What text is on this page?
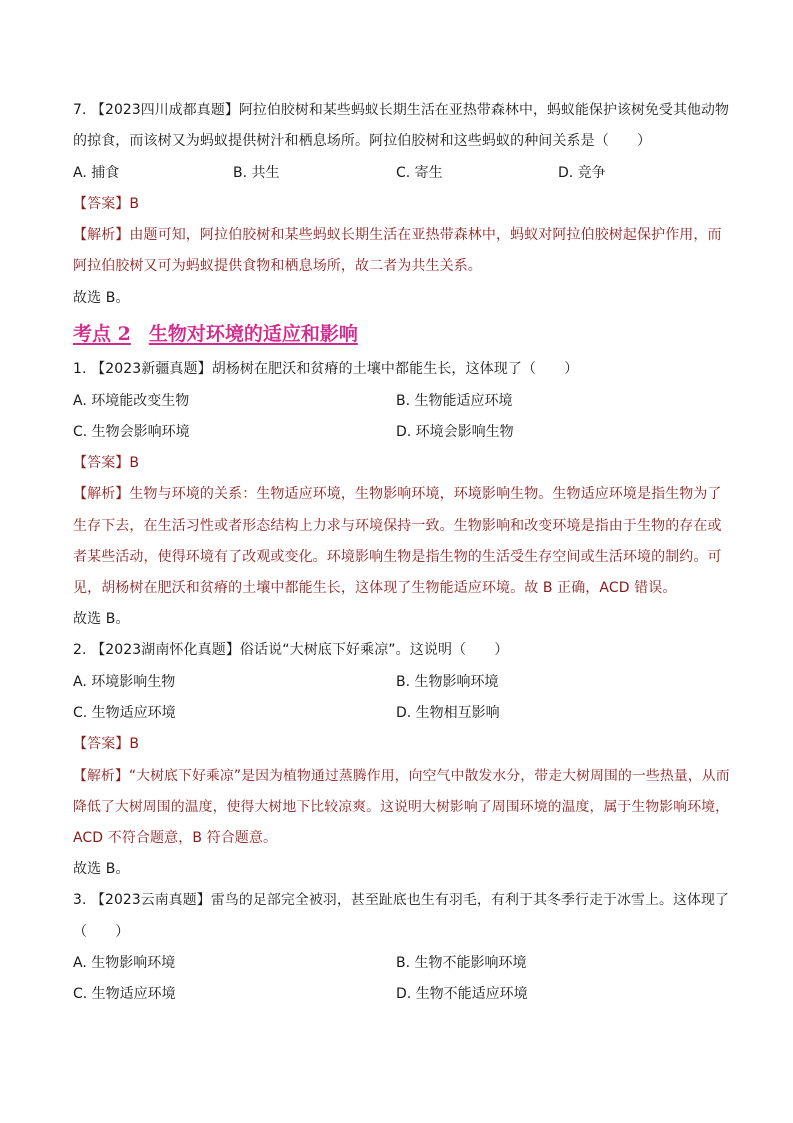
7. 【2023四川成都真题】阿拉伯胶树和某些蚂蚁长期生活在亚热带森林中，蚂蚁能保护该树免受其他动物
的掠食，而该树又为蚂蚁提供树汁和栖息场所。阿拉伯胶树和这些蚂蚁的种间关系是（　　）
A. 捕食	B. 共生	C. 寄生	D. 竞争
【答案】B
【解析】由题可知，阿拉伯胶树和某些蚂蚁长期生活在亚热带森林中，蚂蚁对阿拉伯胶树起保护作用，而
阿拉伯胶树又可为蚂蚁提供食物和栖息场所，故二者为共生关系。
故选 B。
考点 2 生物对环境的适应和影响
1. 【2023新疆真题】胡杨树在肥沃和贫瘠的土壤中都能生长，这体现了（　　）
A. 环境能改变生物	B. 生物能适应环境
C. 生物会影响环境	D. 环境会影响生物
【答案】B
【解析】生物与环境的关系：生物适应环境，生物影响环境，环境影响生物。生物适应环境是指生物为了
生存下去，在生活习性或者形态结构上力求与环境保持一致。生物影响和改变环境是指由于生物的存在或
者某些活动，使得环境有了改观或变化。环境影响生物是指生物的生活受生存空间或生活环境的制约。可
见，胡杨树在肥沃和贫瘠的土壤中都能生长，这体现了生物能适应环境。故 B 正确，ACD 错误。
故选 B。
2. 【2023湖南怀化真题】俗话说“大树底下好乘凉”。这说明（　　）
A. 环境影响生物	B. 生物影响环境
C. 生物适应环境	D. 生物相互影响
【答案】B
【解析】“大树底下好乘凉”是因为植物通过蒸腾作用，向空气中散发水分，带走大树周围的一些热量，从而
降低了大树周围的温度，使得大树地下比较凉爽。这说明大树影响了周围环境的温度，属于生物影响环境，
ACD 不符合题意，B 符合题意。
故选 B。
3. 【2023云南真题】雷鸟的足部完全被羽，甚至趾底也生有羽毛，有利于其冬季行走于冰雪上。这体现了
（　　）
A. 生物影响环境	B. 生物不能影响环境
C. 生物适应环境	D. 生物不能适应环境
